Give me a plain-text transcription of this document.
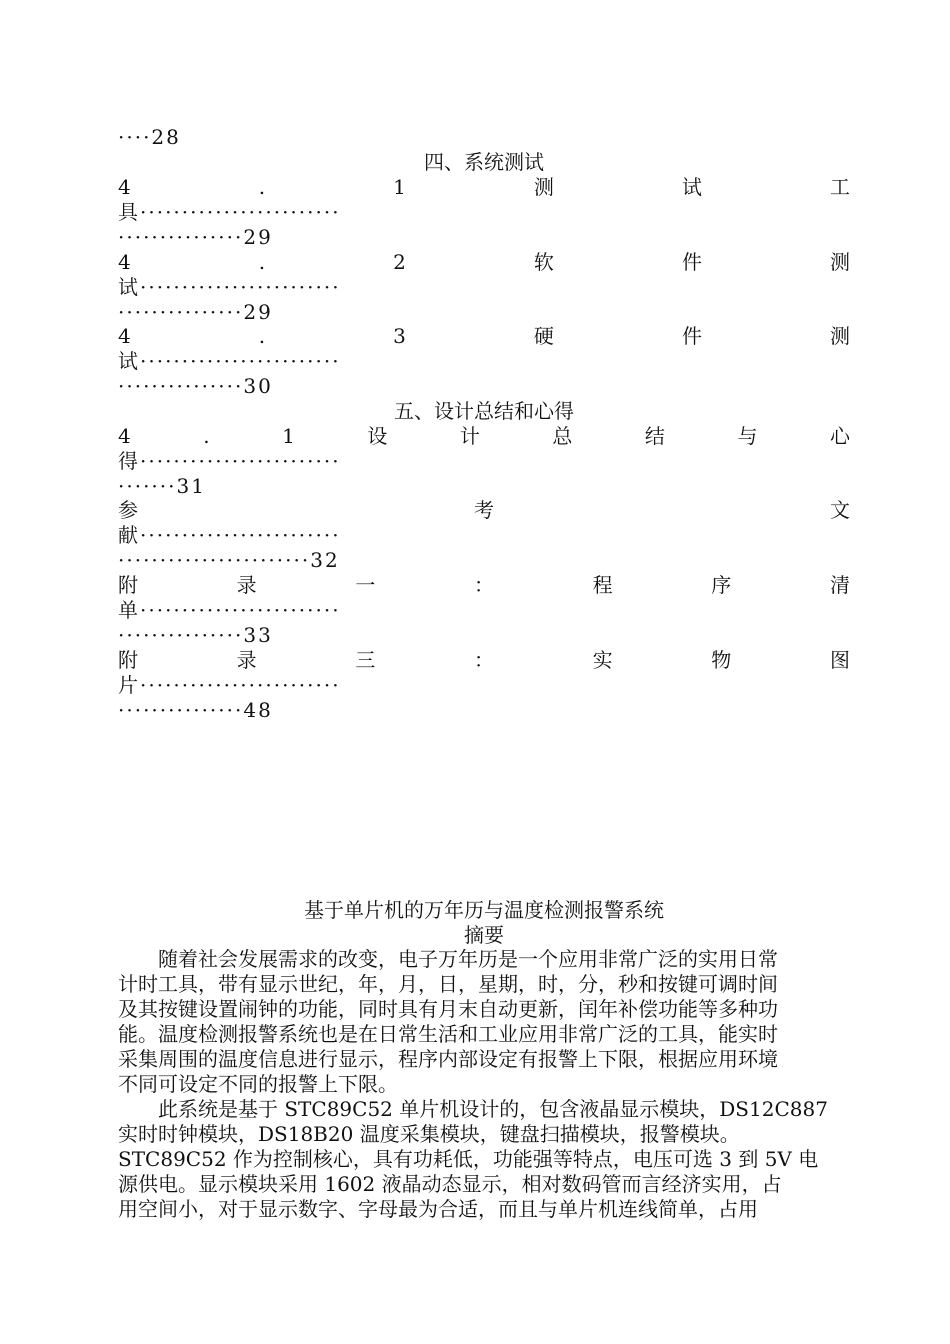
····28
四、系统测试
4	.	1	测	试	工
具························
···············29
4	.	2	软	件	测
试························
···············29
4	.	3	硬	件	测
试························
···············30
五、设计总结和心得
4	.	1	设	计	总	结	与	心
得························
·······31
参	考	文
献························
·······················32
附	录	一	：	程	序	清
单························
···············33
附	录	三	：	实	物	图
片························
···············48
基于单片机的万年历与温度检测报警系统
摘要

随着社会发展需求的改变，电子万年历是一个应用非常广泛的实用日常
计时工具，带有显示世纪，年，月，日，星期，时，分，秒和按键可调时间
及其按键设置闹钟的功能，同时具有月末自动更新，闰年补偿功能等多种功
能。温度检测报警系统也是在日常生活和工业应用非常广泛的工具，能实时
采集周围的温度信息进行显示，程序内部设定有报警上下限，根据应用环境
不同可设定不同的报警上下限。

此系统是基于 STC89C52 单片机设计的，包含液晶显示模块，DS12C887
实时时钟模块，DS18B20 温度采集模块，键盘扫描模块，报警模块。
STC89C52 作为控制核心，具有功耗低，功能强等特点，电压可选 3 到 5V 电
源供电。显示模块采用 1602 液晶动态显示，相对数码管而言经济实用，占
用空间小，对于显示数字、字母最为合适，而且与单片机连线简单，占用
